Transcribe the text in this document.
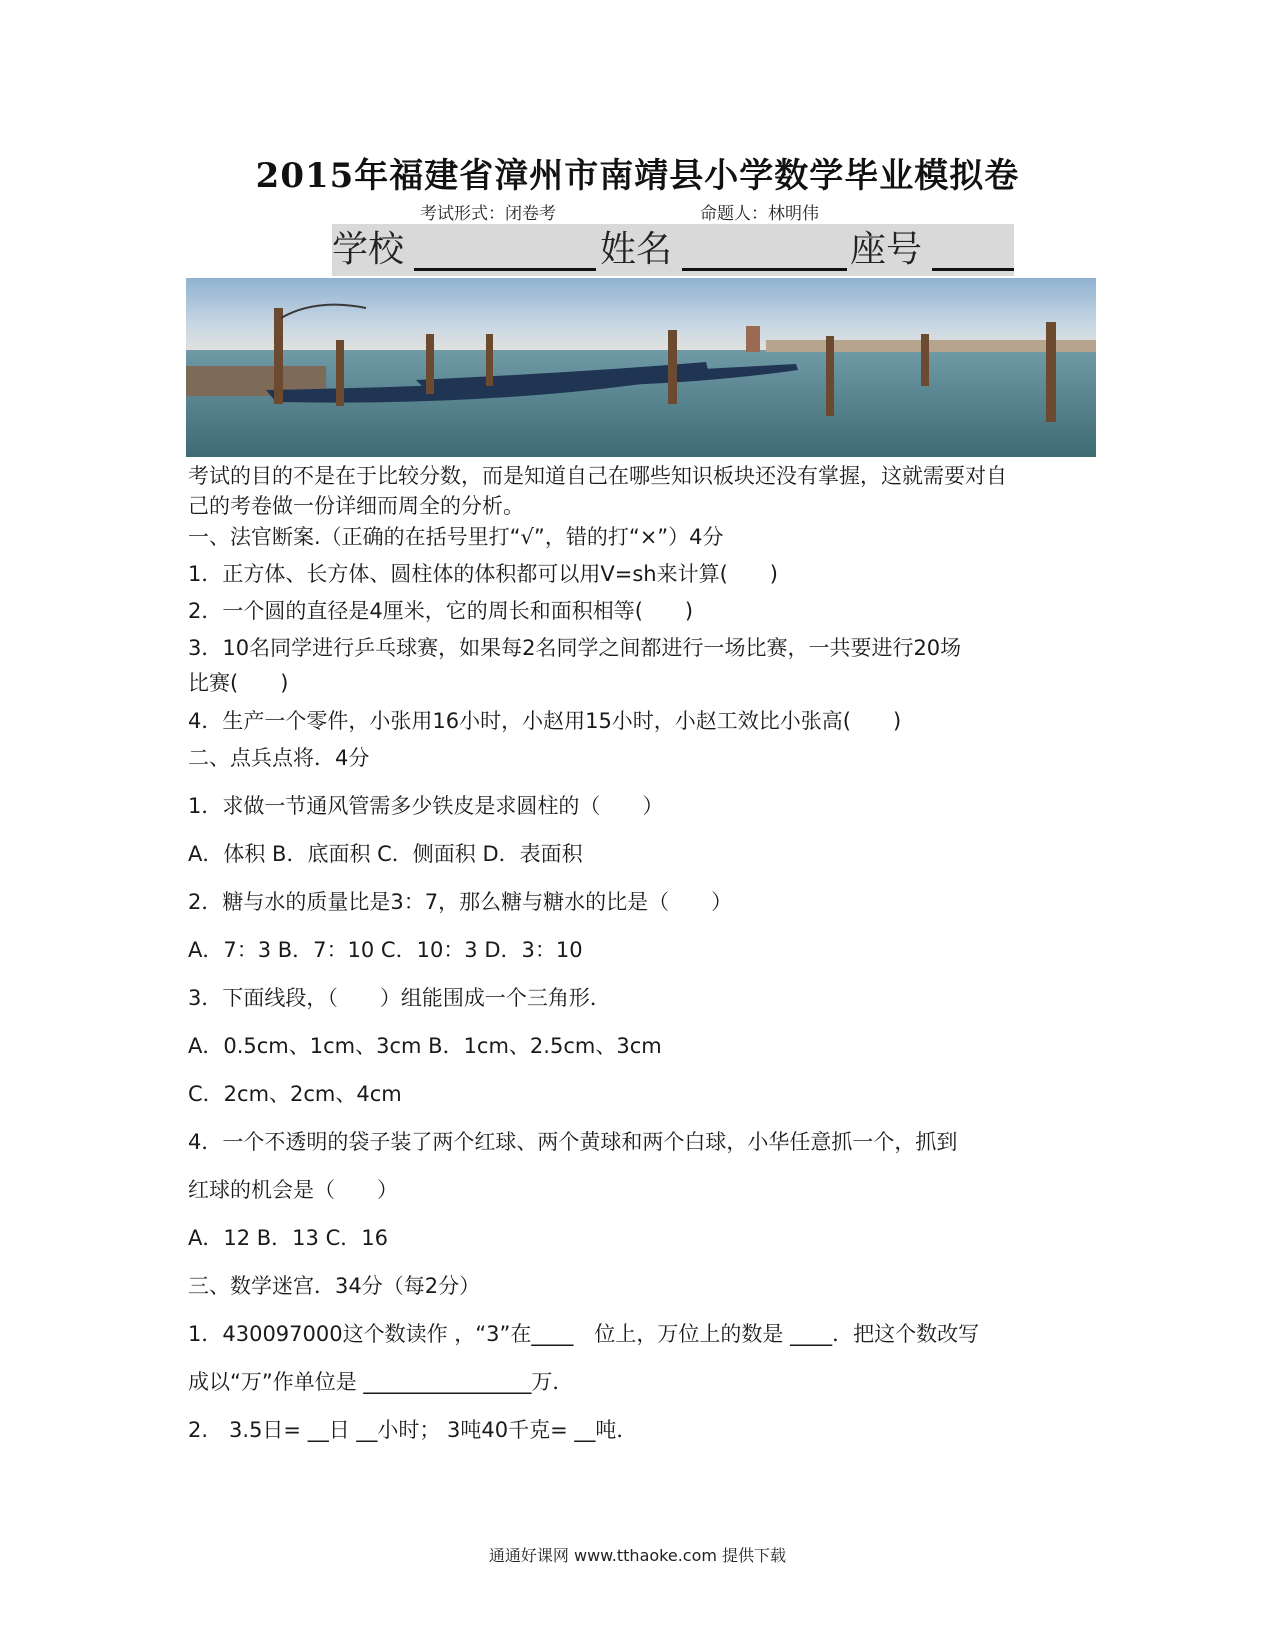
2015年福建省漳州市南靖县小学数学毕业模拟卷
考试形式：闭卷考	命题人：林明伟
学校	姓名	座号
考试的目的不是在于比较分数，而是知道自己在哪些知识板块还没有掌握，这就需要对自
己的考卷做一份详细而周全的分析。
一、法官断案.（正确的在括号里打“√”，错的打“×”）4分
1．正方体、长方体、圆柱体的体积都可以用V=sh来计算(　　)
2．一个圆的直径是4厘米，它的周长和面积相等(　　)
3．10名同学进行乒乓球赛，如果每2名同学之间都进行一场比赛，一共要进行20场
比赛(　　)
4．生产一个零件，小张用16小时，小赵用15小时，小赵工效比小张高(　　)
二、点兵点将．4分
1．求做一节通风管需多少铁皮是求圆柱的（　　）
A．体积 B．底面积 C．侧面积 D．表面积
2．糖与水的质量比是3：7，那么糖与糖水的比是（　　）
A．7：3 B．7：10 C．10：3 D．3：10
3．下面线段，（　　）组能围成一个三角形．
A．0.5cm、1cm、3cm B．1cm、2.5cm、3cm
C．2cm、2cm、4cm
4．一个不透明的袋子装了两个红球、两个黄球和两个白球，小华任意抓一个，抓到
红球的机会是（　　）
A．12 B．13 C．16
三、数学迷宫．34分（每2分）
1．430097000这个数读作 ，“3”在____　位上，万位上的数是 ____．把这个数改写
成以“万”作单位是 ________________万．
2.　3.5日= __日 __小时； 3吨40千克= __吨．
通通好课网 www.tthaoke.com 提供下载
